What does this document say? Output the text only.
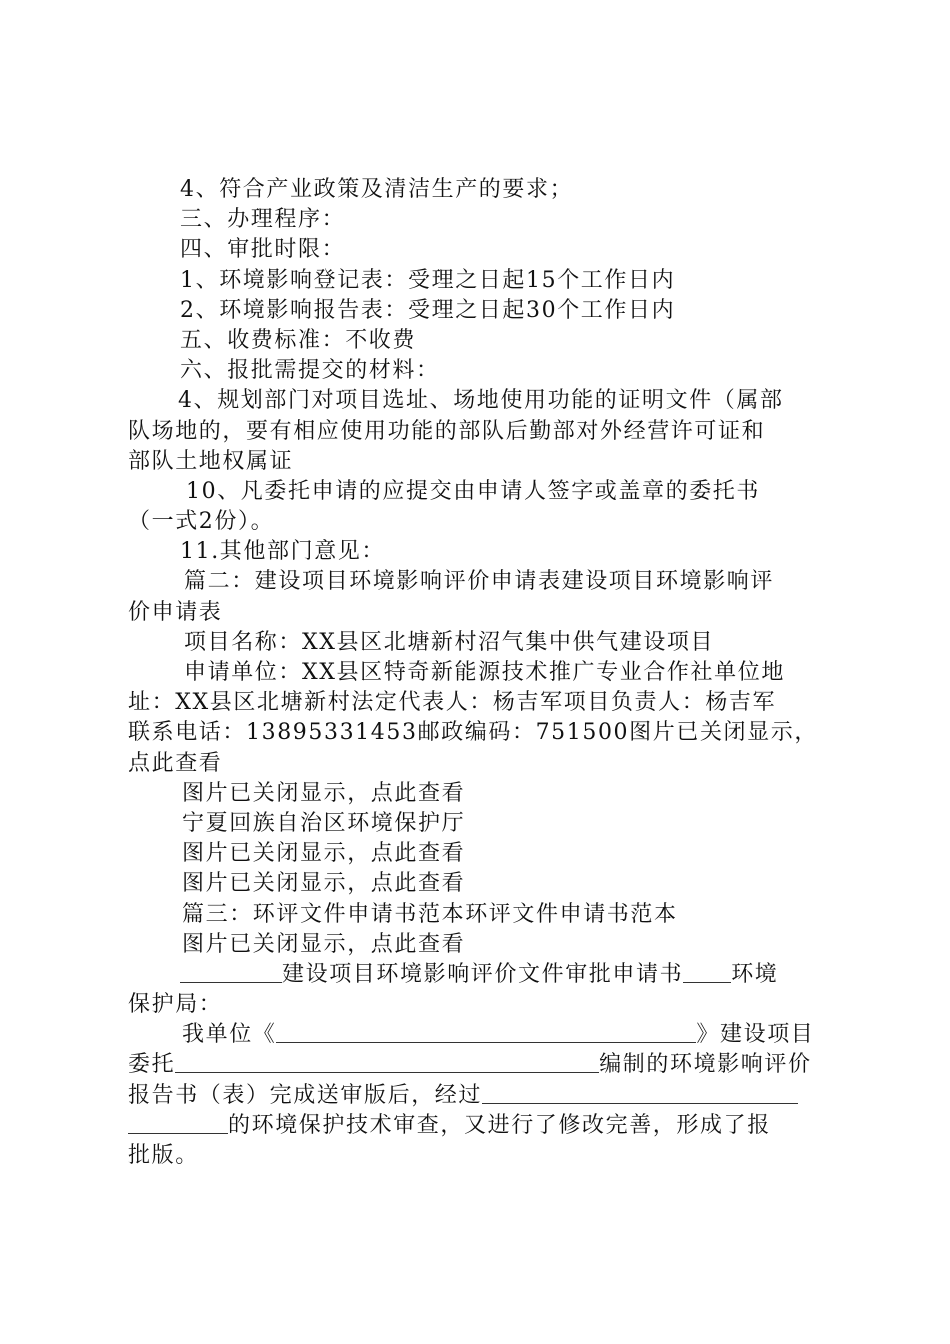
4、符合产业政策及清洁生产的要求；
三、办理程序：
四、审批时限：
1、环境影响登记表：受理之日起15个工作日内
2、环境影响报告表：受理之日起30个工作日内
五、收费标准：不收费
六、报批需提交的材料：
4、规划部门对项目选址、场地使用功能的证明文件（属部
队场地的，要有相应使用功能的部队后勤部对外经营许可证和
部队土地权属证
10、凡委托申请的应提交由申请人签字或盖章的委托书
（一式2份）。
11.其他部门意见：
篇二：建设项目环境影响评价申请表建设项目环境影响评
价申请表
项目名称：XX县区北塘新村沼气集中供气建设项目
申请单位：XX县区特奇新能源技术推广专业合作社单位地
址：XX县区北塘新村法定代表人：杨吉军项目负责人：杨吉军
联系电话：13895331453邮政编码：751500图片已关闭显示，
点此查看
图片已关闭显示，点此查看
宁夏回族自治区环境保护厅
图片已关闭显示，点此查看
图片已关闭显示，点此查看
篇三：环评文件申请书范本环评文件申请书范本
图片已关闭显示，点此查看
建设项目环境影响评价文件审批申请书 环境
保护局：
我单位《	》建设项目
委托	编制的环境影响评价
报告书（表）完成送审版后，经过
的环境保护技术审查，又进行了修改完善，形成了报
批版。
